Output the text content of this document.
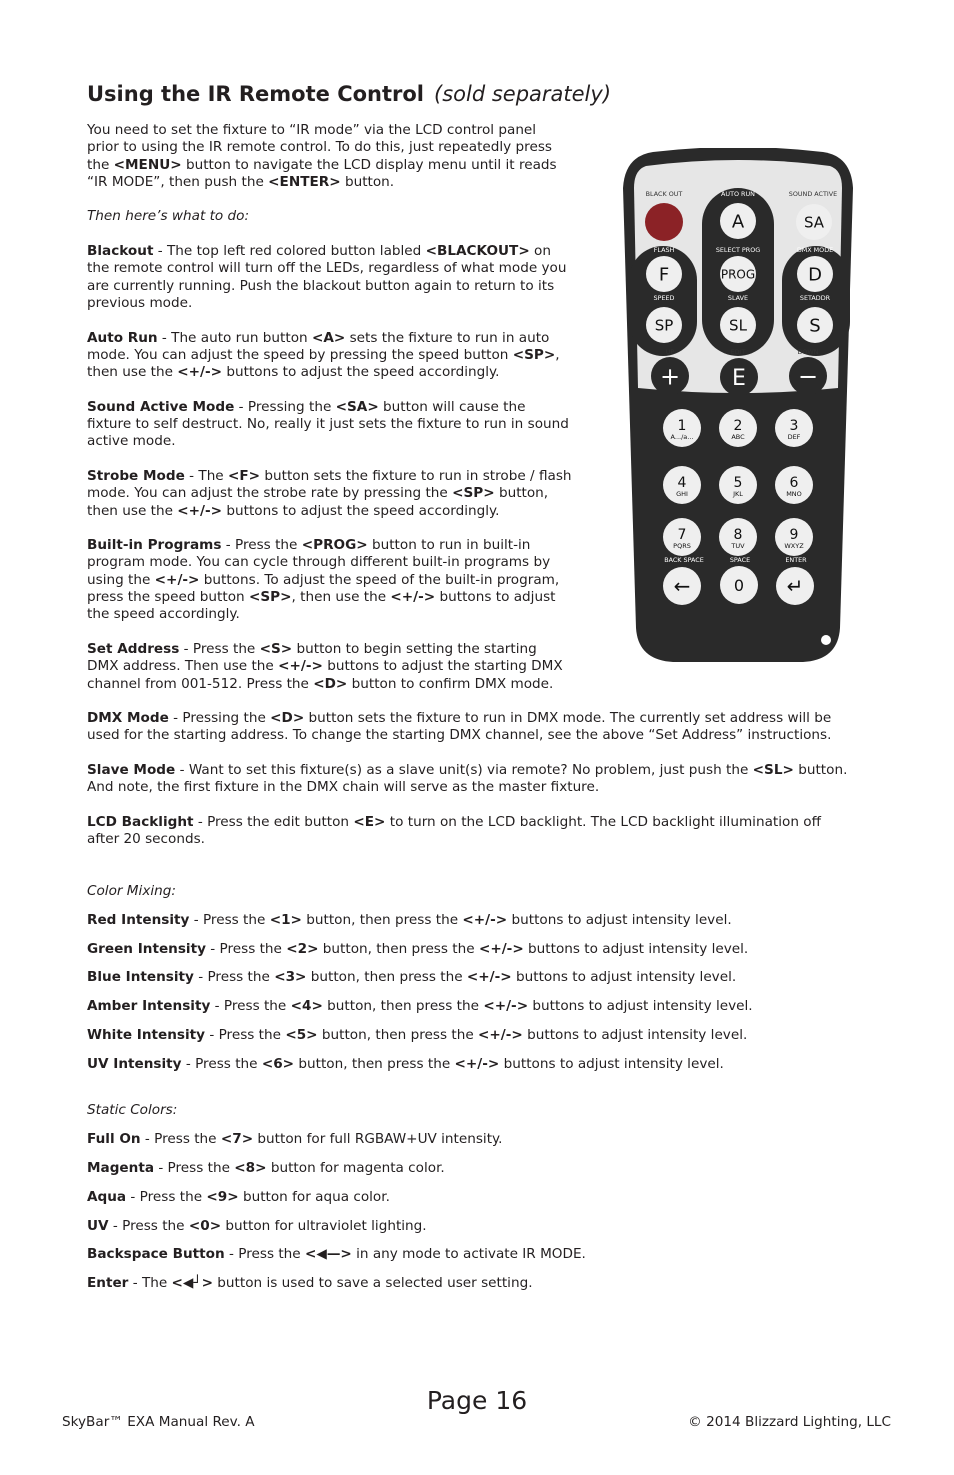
Using the IR Remote Control (sold separately)

You need to set the fixture to “IR mode” via the LCD control panel prior to using the IR remote control. To do this, just repeatedly press the <MENU> button to navigate the LCD display menu until it reads “IR MODE”, then push the <ENTER> button.

Then here’s what to do:

Blackout - The top left red colored button labled <BLACKOUT> on the remote control will turn off the LEDs, regardless of what mode you are currently running. Push the blackout button again to return to its previous mode.

Auto Run - The auto run button <A> sets the fixture to run in auto mode. You can adjust the speed by pressing the speed button <SP>, then use the <+/-> buttons to adjust the speed accordingly.

Sound Active Mode - Pressing the <SA> button will cause the fixture to self destruct. No, really it just sets the fixture to run in sound active mode.

Strobe Mode - The <F> button sets the fixture to run in strobe / flash mode. You can adjust the strobe rate by pressing the <SP> button, then use the <+/-> buttons to adjust the speed accordingly.

Built-in Programs - Press the <PROG> button to run in built-in program mode. You can cycle through different built-in programs by using the <+/-> buttons. To adjust the speed of the built-in program, press the speed button <SP>, then use the <+/-> buttons to adjust the speed accordingly.

Set Address - Press the <S> button to begin setting the starting DMX address. Then use the <+/-> buttons to adjust the starting DMX channel from 001-512. Press the <D> button to confirm DMX mode.

DMX Mode - Pressing the <D> button sets the fixture to run in DMX mode. The currently set address will be used for the starting address. To change the starting DMX channel, see the above “Set Address” instructions.

Slave Mode - Want to set this fixture(s) as a slave unit(s) via remote? No problem, just push the <SL> button. And note, the first fixture in the DMX chain will serve as the master fixture.

LCD Backlight - Press the edit button <E> to turn on the LCD backlight. The LCD backlight illumination off after 20 seconds.

Color Mixing:

Red Intensity - Press the <1> button, then press the <+/-> buttons to adjust intensity level.

Green Intensity - Press the <2> button, then press the <+/-> buttons to adjust intensity level.

Blue Intensity - Press the <3> button, then press the <+/-> buttons to adjust intensity level.

Amber Intensity - Press the <4> button, then press the <+/-> buttons to adjust intensity level.

White Intensity - Press the <5> button, then press the <+/-> buttons to adjust intensity level.

UV Intensity - Press the <6> button, then press the <+/-> buttons to adjust intensity level.

Static Colors:

Full On - Press the <7> button for full RGBAW+UV intensity.

Magenta - Press the <8> button for magenta color.

Aqua - Press the <9> button for aqua color.

UV - Press the <0> button for ultraviolet lighting.

Backspace Button - Press the <◀—> in any mode to activate IR MODE.

Enter - The <◀┘> button is used to save a selected user setting.

BLACK OUT	AUTO RUN	SOUND ACTIVE
A	SA
FLASH	SELECT PROG	DMX MODE
F	PROG	D
SPEED	SLAVE	SETADDR
SP	SL	S
UP	EDIT	DOWN
+ E −
1
A.../a...
2
ABC
3
DEF
4
GHI
5
JKL
6
MNO
7
PQRS
8
TUV
9
WXYZ
BACK SPACE	SPACE	ENTER
←	0 ↵
Page 16
SkyBar™ EXA Manual Rev. A	© 2014 Blizzard Lighting, LLC
